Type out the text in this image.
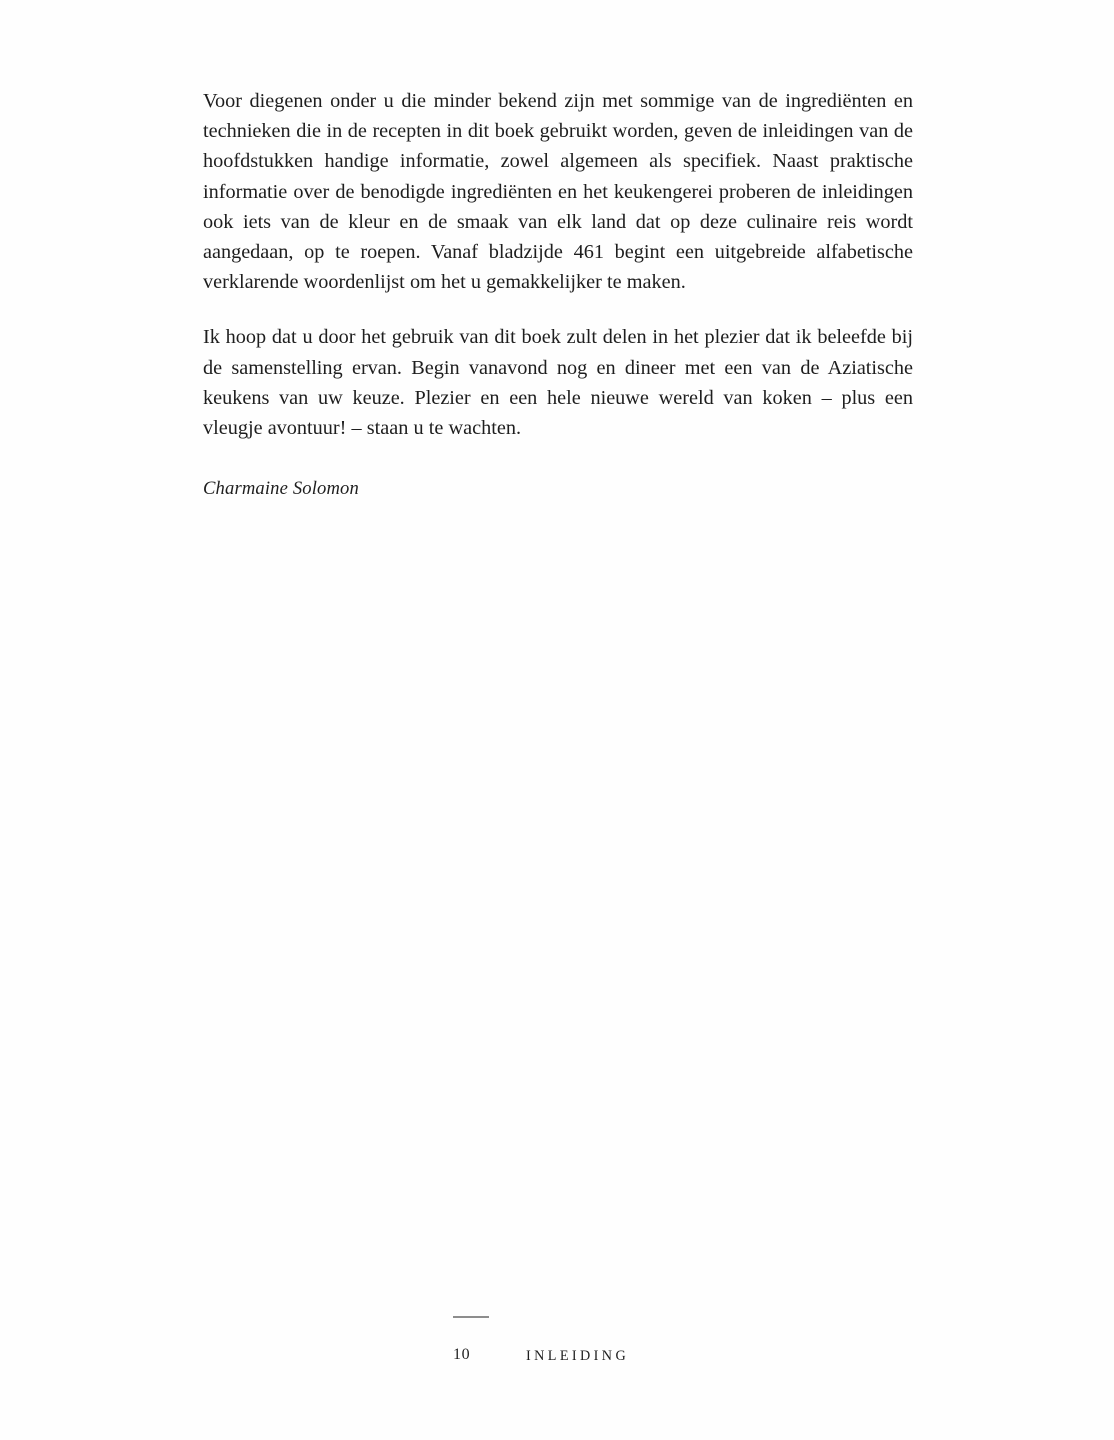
Voor diegenen onder u die minder bekend zijn met sommige van de ingrediënten en technieken die in de recepten in dit boek gebruikt worden, geven de inleidingen van de hoofdstukken handige informatie, zowel algemeen als specifiek. Naast praktische informatie over de benodigde ingrediënten en het keukengerei proberen de inleidingen ook iets van de kleur en de smaak van elk land dat op deze culinaire reis wordt aangedaan, op te roepen. Vanaf bladzijde 461 begint een uitgebreide alfabetische verklarende woordenlijst om het u gemakkelijker te maken.

Ik hoop dat u door het gebruik van dit boek zult delen in het plezier dat ik beleefde bij de samenstelling ervan. Begin vanavond nog en dineer met een van de Aziatische keukens van uw keuze. Plezier en een hele nieuwe wereld van koken – plus een vleugje avontuur! – staan u te wachten.

Charmaine Solomon

10	INLEIDING
